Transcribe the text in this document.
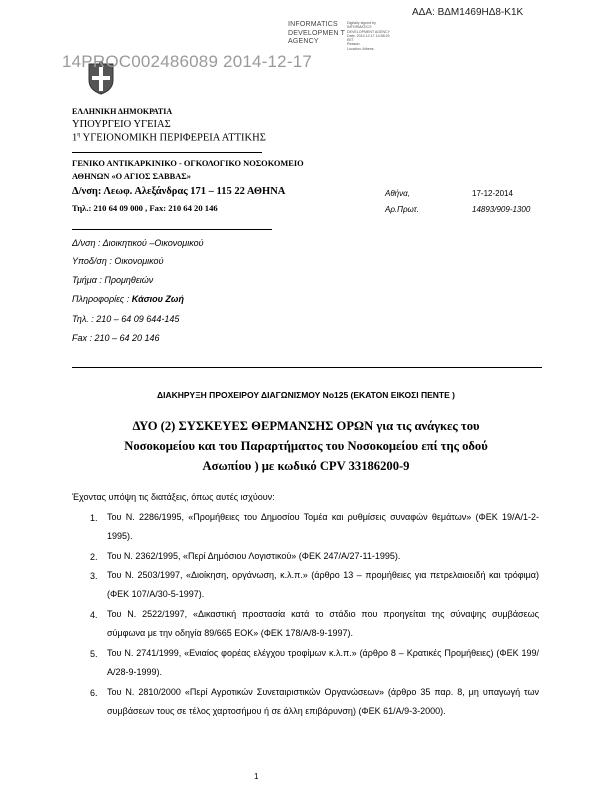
ΑΔΑ: ΒΔΜ1469ΗΔ8-Κ1Κ
INFORMATICS DEVELOPMEN T AGENCY
Digitally signed by
INFORMATICS
DEVELOPMENT AGENCY
Date: 2014.12.17 14:58:20
EET
Reason:
Location: Athens
14PROC002486089 2014-12-17
ΕΛΛΗΝΙΚΗ ΔΗΜΟΚΡΑΤΙΑ
ΥΠΟΥΡΓΕΙΟ ΥΓΕΙΑΣ
$1^\eta$ ΥΓΕΙΟΝΟΜΙΚΗ ΠΕΡΙΦΕΡΕΙΑ ΑΤΤΙΚΗΣ
ΓΕΝΙΚΟ ΑΝΤΙΚΑΡΚΙΝΙΚΟ - ΟΓΚΟΛΟΓΙΚΟ ΝΟΣΟΚΟΜΕΙΟ
ΑΘΗΝΩΝ «Ο ΑΓΙΟΣ ΣΑΒΒΑΣ»
Δ/νση: Λεωφ. Αλεξάνδρας 171 – 115 22 ΑΘΗΝΑ
Τηλ.: 210 64 09 000 , Fax: 210 64 20 146
Αθήνα,	17-12-2014
Αρ.Πρωτ.	14893/909-1300
Δ/νση : Διοικητικού –Οικονομικού
Υποδ/ση : Οικονομικού
Τμήμα : Προμηθειών
Πληροφορίες : Κάσιου Ζωή
Τηλ. : 210 – 64 09 644-145
Fax : 210 – 64 20 146
ΔΙΑΚΗΡΥΞΗ ΠΡΟΧΕΙΡΟΥ ΔΙΑΓΩΝΙΣΜΟΥ Νο125 (ΕΚΑΤΟΝ ΕΙΚΟΣΙ ΠΕΝΤΕ )
ΔΥΟ (2) ΣΥΣΚΕΥΕΣ ΘΕΡΜΑΝΣΗΣ ΟΡΩΝ για τις ανάγκες του
Νοσοκομείου και του Παραρτήματος του Νοσοκομείου επί της οδού
Ασωπίου ) με κωδικό CPV 33186200-9
Έχοντας υπόψη τις διατάξεις, όπως αυτές ισχύουν:
1. Του Ν. 2286/1995, «Προμήθειες του Δημοσίου Τομέα και ρυθμίσεις συναφών θεμάτων» (ΦΕΚ 19/Α/1-2-1995).
2. Του Ν. 2362/1995, «Περί Δημόσιου Λογιστικού» (ΦΕΚ 247/Α/27-11-1995).
3. Του Ν. 2503/1997, «Διοίκηση, οργάνωση, κ.λ.π.» (άρθρο 13 – προμήθειες για πετρελαιοειδή και τρόφιμα) (ΦΕΚ 107/Α/30-5-1997).
4. Του Ν. 2522/1997, «Δικαστική προστασία κατά το στάδιο που προηγείται της σύναψης συμβάσεως σύμφωνα με την οδηγία 89/665 ΕΟΚ» (ΦΕΚ 178/Α/8-9-1997).
5. Του Ν. 2741/1999, «Ενιαίος φορέας ελέγχου τροφίμων κ.λ.π.» (άρθρο 8 – Κρατικές Προμήθειες) (ΦΕΚ 199/Α/28-9-1999).
6. Του Ν. 2810/2000 «Περί Αγροτικών Συνεταιριστικών Οργανώσεων» (άρθρο 35 παρ. 8, μη υπαγωγή των συμβάσεων τους σε τέλος χαρτοσήμου ή σε άλλη επιβάρυνση) (ΦΕΚ 61/Α/9-3-2000).
1
